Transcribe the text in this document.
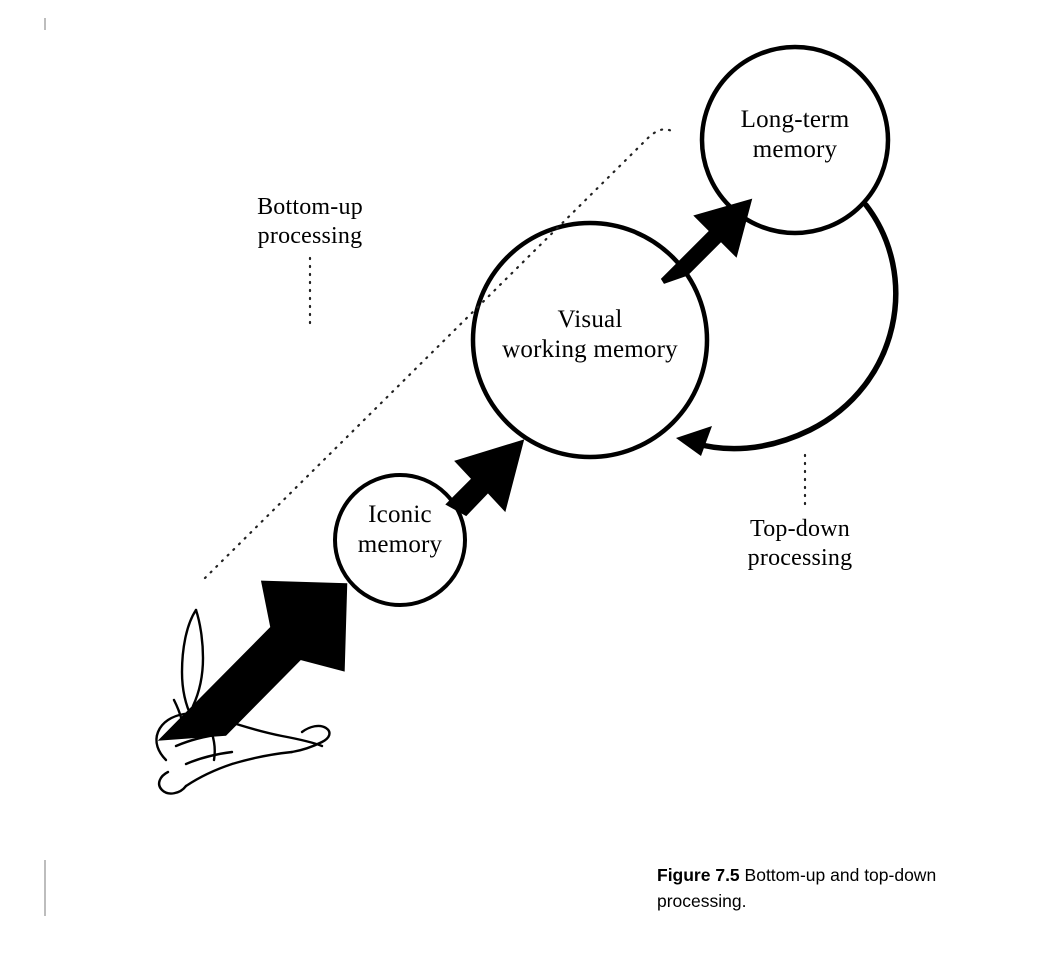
Long-term
memory
Visual
working memory
Iconic
memory
Bottom-up
processing
Top-down
processing
Figure 7.5 Bottom-up and top-down processing.
